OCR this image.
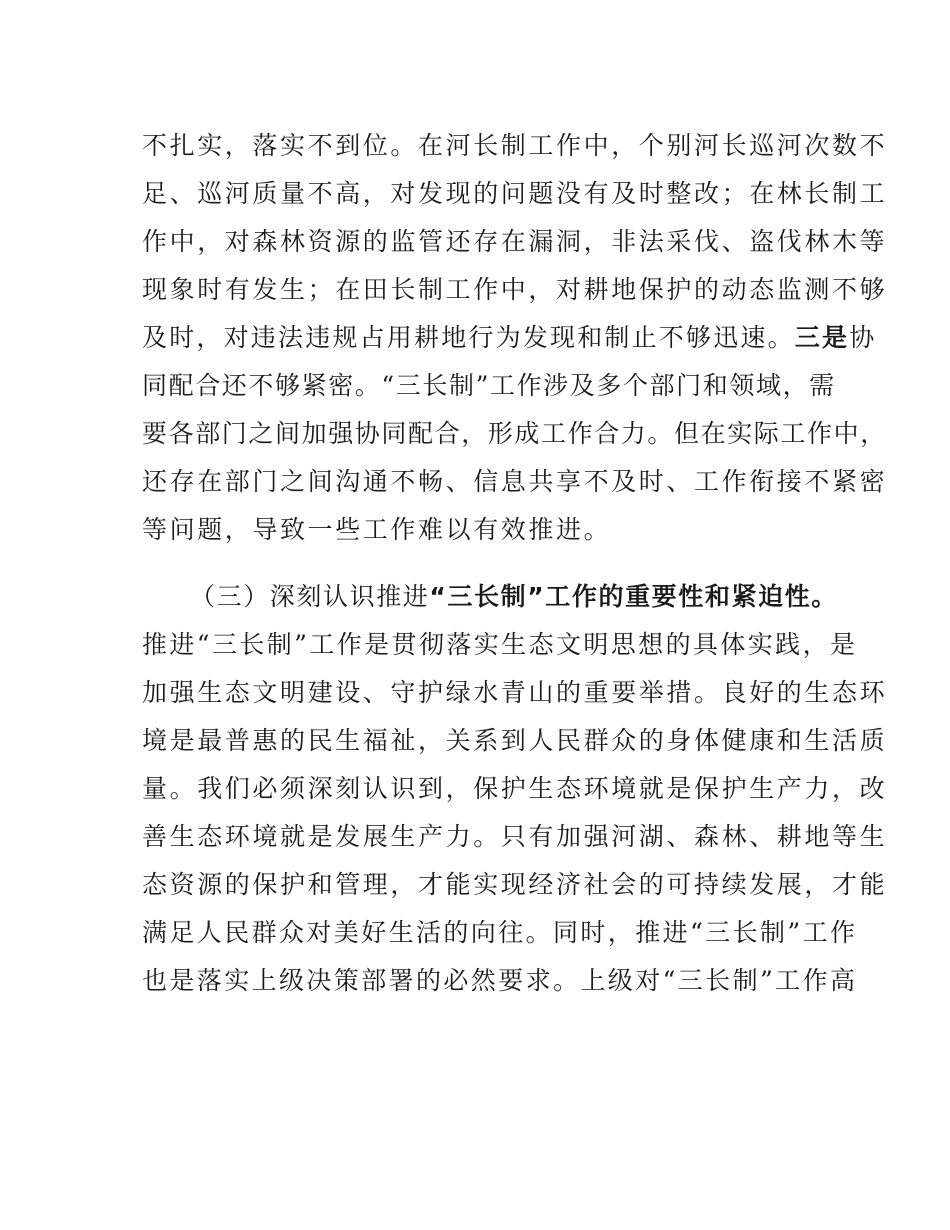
不扎实，落实不到位。在河长制工作中，个别河长巡河次数不
足、巡河质量不高，对发现的问题没有及时整改；在林长制工
作中，对森林资源的监管还存在漏洞，非法采伐、盗伐林木等
现象时有发生；在田长制工作中，对耕地保护的动态监测不够
及时，对违法违规占用耕地行为发现和制止不够迅速。三是协
同配合还不够紧密。“三长制”工作涉及多个部门和领域，需
要各部门之间加强协同配合，形成工作合力。但在实际工作中，
还存在部门之间沟通不畅、信息共享不及时、工作衔接不紧密
等问题，导致一些工作难以有效推进。
（三）深刻认识推进“三长制”工作的重要性和紧迫性。
推进“三长制”工作是贯彻落实生态文明思想的具体实践，是
加强生态文明建设、守护绿水青山的重要举措。良好的生态环
境是最普惠的民生福祉，关系到人民群众的身体健康和生活质
量。我们必须深刻认识到，保护生态环境就是保护生产力，改
善生态环境就是发展生产力。只有加强河湖、森林、耕地等生
态资源的保护和管理，才能实现经济社会的可持续发展，才能
满足人民群众对美好生活的向往。同时，推进“三长制”工作
也是落实上级决策部署的必然要求。上级对“三长制”工作高
